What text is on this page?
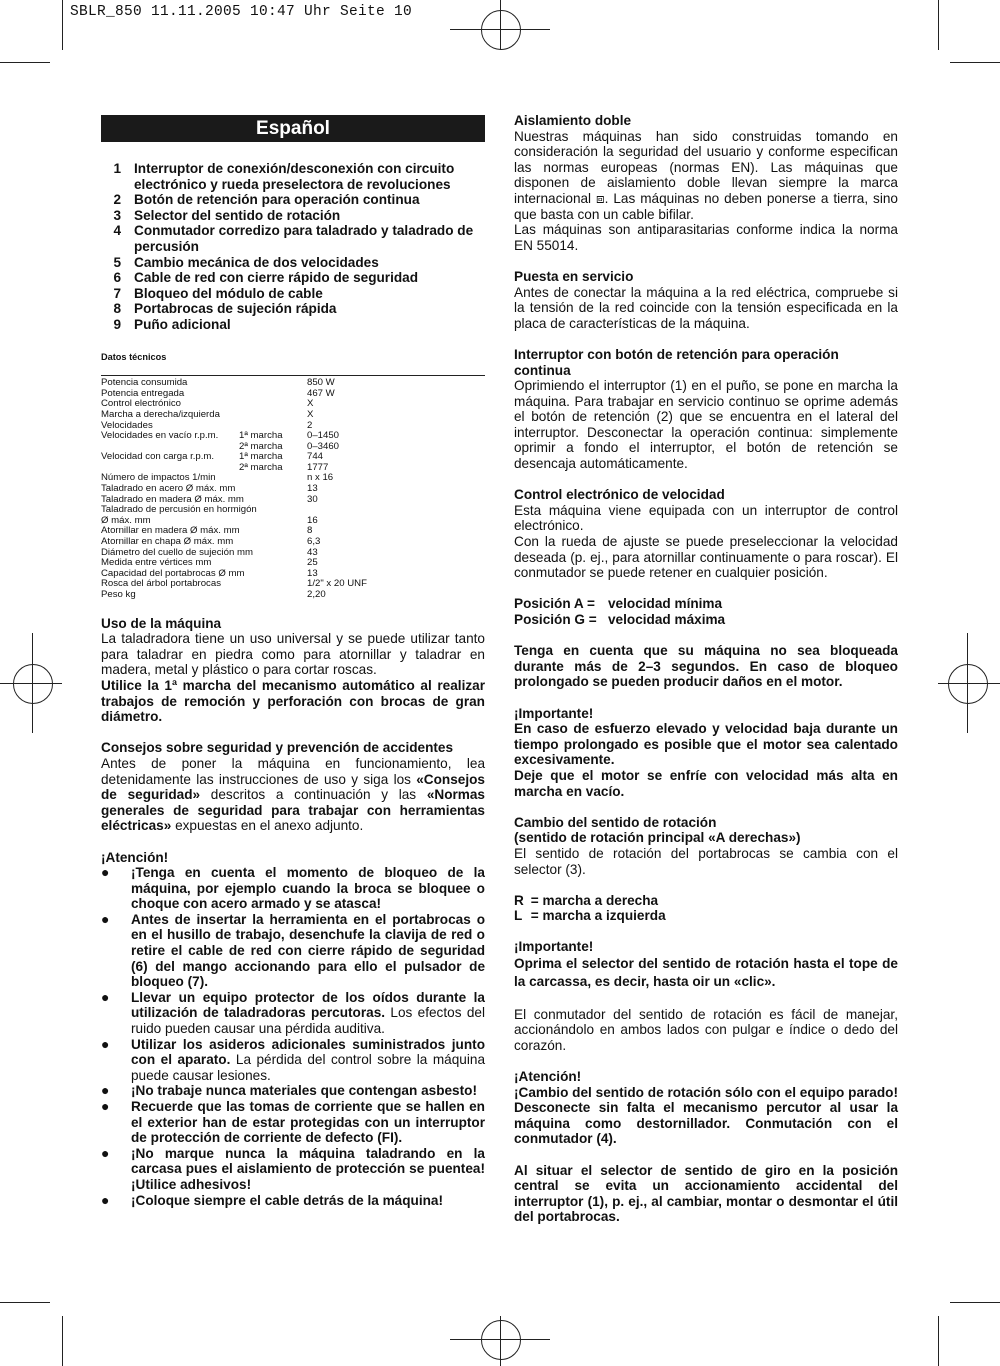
SBLR_850 11.11.2005 10:47 Uhr Seite 10
Español
1 Interruptor de conexión/desconexión con circuito electrónico y rueda preselectora de revoluciones
2 Botón de retención para operación continua
3 Selector del sentido de rotación
4 Conmutador corredizo para taladrado y taladrado de percusión
5 Cambio mecánica de dos velocidades
6 Cable de red con cierre rápido de seguridad
7 Bloqueo del módulo de cable
8 Portabrocas de sujeción rápida
9 Puño adicional
Datos técnicos
Potencia consumida	850 W
Potencia entregada	467 W
Control electrónico	X
Marcha a derecha/izquierda	X
Velocidades	2
Velocidades en vacío r.p.m.	1ª marcha	0–1450
2ª marcha	0–3460
Velocidad con carga r.p.m.	1ª marcha	744
2ª marcha	1777
Número de impactos 1/min	n x 16
Taladrado en acero Ø máx. mm	13
Taladrado en madera Ø máx. mm	30
Taladrado de percusión en hormigón
Ø máx. mm	16
Atornillar en madera Ø máx. mm	8
Atornillar en chapa Ø máx. mm	6,3
Diámetro del cuello de sujeción mm	43
Medida entre vértices mm	25
Capacidad del portabrocas Ø mm	13
Rosca del árbol portabrocas	1/2" x 20 UNF
Peso kg	2,20
Uso de la máquina

La taladradora tiene un uso universal y se puede utilizar tanto para taladrar en piedra como para atornillar y taladrar en madera, metal y plástico o para cortar roscas.

Utilice la 1ª marcha del mecanismo automático al realizar trabajos de remoción y perforación con brocas de gran diámetro.

Consejos sobre seguridad y prevención de accidentes

Antes de poner la máquina en funcionamiento, lea detenidamente las instrucciones de uso y siga los «Consejos de seguridad» descritos a continuación y las «Normas generales de seguridad para trabajar con herramientas eléctricas» expuestas en el anexo adjunto.

¡Atención!
●	¡Tenga en cuenta el momento de bloqueo de la máquina, por ejemplo cuando la broca se bloquee o choque con acero armado y se atasca!

●	Antes de insertar la herramienta en el portabrocas o en el husillo de trabajo, desenchufe la clavija de red o retire el cable de red con cierre rápido de seguridad (6) del mango accionando para ello el pulsador de bloqueo (7).

●	Llevar un equipo protector de los oídos durante la utilización de taladradoras percutoras. Los efectos del ruido pueden causar una pérdida auditiva.

●	Utilizar los asideros adicionales suministrados junto con el aparato. La pérdida del control sobre la máquina puede causar lesiones.

●	¡No trabaje nunca materiales que contengan asbesto!

●	Recuerde que las tomas de corriente que se hallen en el exterior han de estar protegidas con un interruptor de protección de corriente de defecto (FI).

●	¡No marque nunca la máquina taladrando en la carcasa pues el aislamiento de protección se puentea! ¡Utilice adhesivos!

●	¡Coloque siempre el cable detrás de la máquina!

Aislamiento doble

Nuestras máquinas han sido construidas tomando en consideración la seguridad del usuario y conforme especifican las normas europeas (normas EN). Las máquinas que disponen de aislamiento doble llevan siempre la marca internacional ⧈. Las máquinas no deben ponerse a tierra, sino que basta con un cable bifilar.

Las máquinas son antiparasitarias conforme indica la norma EN 55014.

Puesta en servicio

Antes de conectar la máquina a la red eléctrica, compruebe si la tensión de la red coincide con la tensión especificada en la placa de características de la máquina.

Interruptor con botón de retención para operación continua

Oprimiendo el interruptor (1) en el puño, se pone en marcha la máquina. Para trabajar en servicio continuo se oprime además el botón de retención (2) que se encuentra en el lateral del interruptor. Desconectar la operación continua: simplemente oprimir a fondo el interruptor, el botón de retención se desencaja automáticamente.

Control electrónico de velocidad

Esta máquina viene equipada con un interruptor de control electrónico.

Con la rueda de ajuste se puede preseleccionar la velocidad deseada (p. ej., para atornillar continuamente o para roscar). El conmutador se puede retener en cualquier posición.

Posición A = velocidad mínima
Posición G = velocidad máxima

Tenga en cuenta que su máquina no sea bloqueada durante más de 2–3 segundos. En caso de bloqueo prolongado se pueden producir daños en el motor.

¡Importante!

En caso de esfuerzo elevado y velocidad baja durante un tiempo prolongado es posible que el motor sea calentado excesivamente.

Deje que el motor se enfríe con velocidad más alta en marcha en vacío.

Cambio del sentido de rotación
(sentido de rotación principal «A derechas»)

El sentido de rotación del portabrocas se cambia con el selector (3).

R
= marcha a derecha
L
= marcha a izquierda
¡Importante!

Oprima el selector del sentido de rotación hasta el tope de la carcassa, es decir, hasta oir un «clic».

El conmutador del sentido de rotación es fácil de manejar, accionándolo en ambos lados con pulgar e índice o dedo del corazón.

¡Atención!

¡Cambio del sentido de rotación sólo con el equipo parado! Desconecte sin falta el mecanismo percutor al usar la máquina como destornillador. Conmutación con el conmutador (4).

Al situar el selector de sentido de giro en la posición central se evita un accionamiento accidental del interruptor (1), p. ej., al cambiar, montar o desmontar el útil del portabrocas.
